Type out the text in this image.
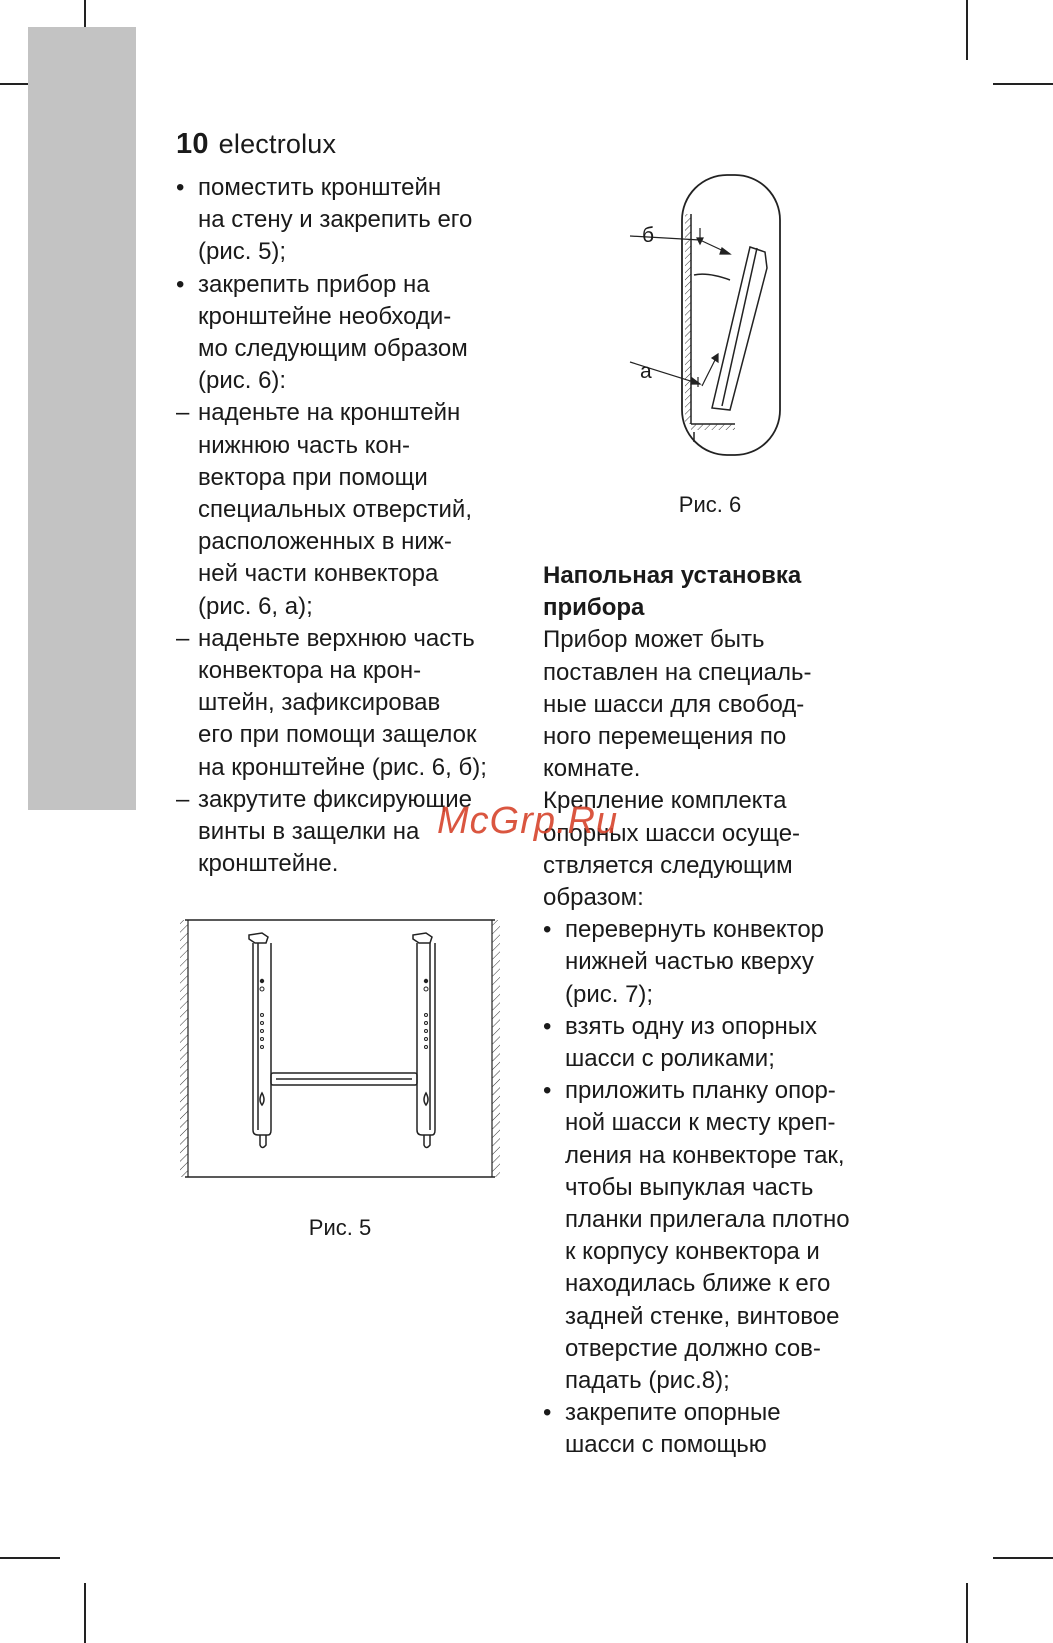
10 electrolux
• поместить кронштейн

на стену и закрепить его

(рис. 5);

• закрепить прибор на

кронштейне необходи-

мо следующим образом

(рис. 6):

– наденьте на кронштейн

нижнюю часть кон-

вектора при помощи

специальных отверстий,

расположенных в ниж-

ней части конвектора

(рис. 6, а);

– наденьте верхнюю часть

конвектора на крон-

штейн, зафиксировав

его при помощи защелок

на кронштейне (рис. 6, б);

– закрутите фиксирующие

винты в защелки на

кронштейне.

Рис. 5
б
а
Рис. 6

Напольная установка

прибора

Прибор может быть

поставлен на специаль-

ные шасси для свобод-

ного перемещения по

комнате.

Крепление комплекта

опорных шасси осуще-

ствляется следующим

образом:

• перевернуть конвектор

нижней частью кверху

(рис. 7);

• взять одну из опорных

шасси с роликами;

• приложить планку опор-

ной шасси к месту креп-

ления на конвекторе так,

чтобы выпуклая часть

планки прилегала плотно

к корпусу конвектора и

находилась ближе к его

задней стенке, винтовое

отверстие должно сов-

падать (рис.8);

• закрепите опорные

шасси с помощью

McGrp.Ru
